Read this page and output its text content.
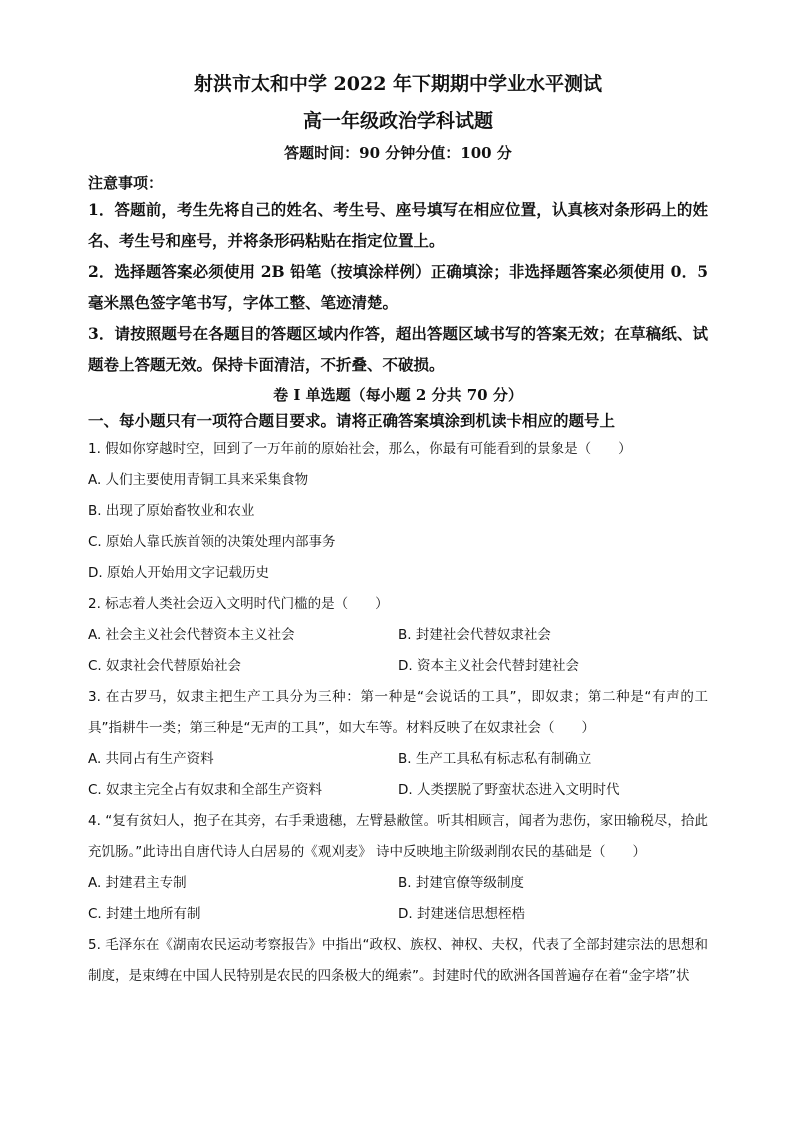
射洪市太和中学 2022 年下期期中学业水平测试
高一年级政治学科试题
答题时间：90 分钟分值：100 分
注意事项：

1．答题前，考生先将自己的姓名、考生号、座号填写在相应位置，认真核对条形码上的姓名、考生号和座号，并将条形码粘贴在指定位置上。

2．选择题答案必须使用 2B 铅笔（按填涂样例）正确填涂；非选择题答案必须使用 0．5 毫米黑色签字笔书写，字体工整、笔迹清楚。

3．请按照题号在各题目的答题区域内作答，超出答题区域书写的答案无效；在草稿纸、试题卷上答题无效。保持卡面清洁，不折叠、不破损。

卷 I 单选题（每小题 2 分共 70 分）
一、每小题只有一项符合题目要求。请将正确答案填涂到机读卡相应的题号上

1. 假如你穿越时空，回到了一万年前的原始社会，那么，你最有可能看到的景象是（　　）

A. 人们主要使用青铜工具来采集食物
B. 出现了原始畜牧业和农业
C. 原始人靠氏族首领的决策处理内部事务
D. 原始人开始用文字记载历史

2. 标志着人类社会迈入文明时代门槛的是（　　）

A. 社会主义社会代替资本主义社会	B. 封建社会代替奴隶社会
C. 奴隶社会代替原始社会	D. 资本主义社会代替封建社会

3. 在古罗马，奴隶主把生产工具分为三种：第一种是“会说话的工具”，即奴隶；第二种是“有声的工具”指耕牛一类；第三种是“无声的工具”，如大车等。材料反映了在奴隶社会（　　）

A. 共同占有生产资料	B. 生产工具私有标志私有制确立
C. 奴隶主完全占有奴隶和全部生产资料	D. 人类摆脱了野蛮状态进入文明时代

4. “复有贫妇人，抱子在其旁，右手秉遗穗，左臂悬敝筐。听其相顾言，闻者为悲伤，家田输税尽，拾此充饥肠。”此诗出自唐代诗人白居易的《观刈麦》 诗中反映地主阶级剥削农民的基础是（　　）

A. 封建君主专制	B. 封建官僚等级制度
C. 封建土地所有制	D. 封建迷信思想桎梏

5. 毛泽东在《湖南农民运动考察报告》中指出“政权、族权、神权、夫权，代表了全部封建宗法的思想和制度，是束缚在中国人民特别是农民的四条极大的绳索”。封建时代的欧洲各国普遍存在着“金字塔”状
